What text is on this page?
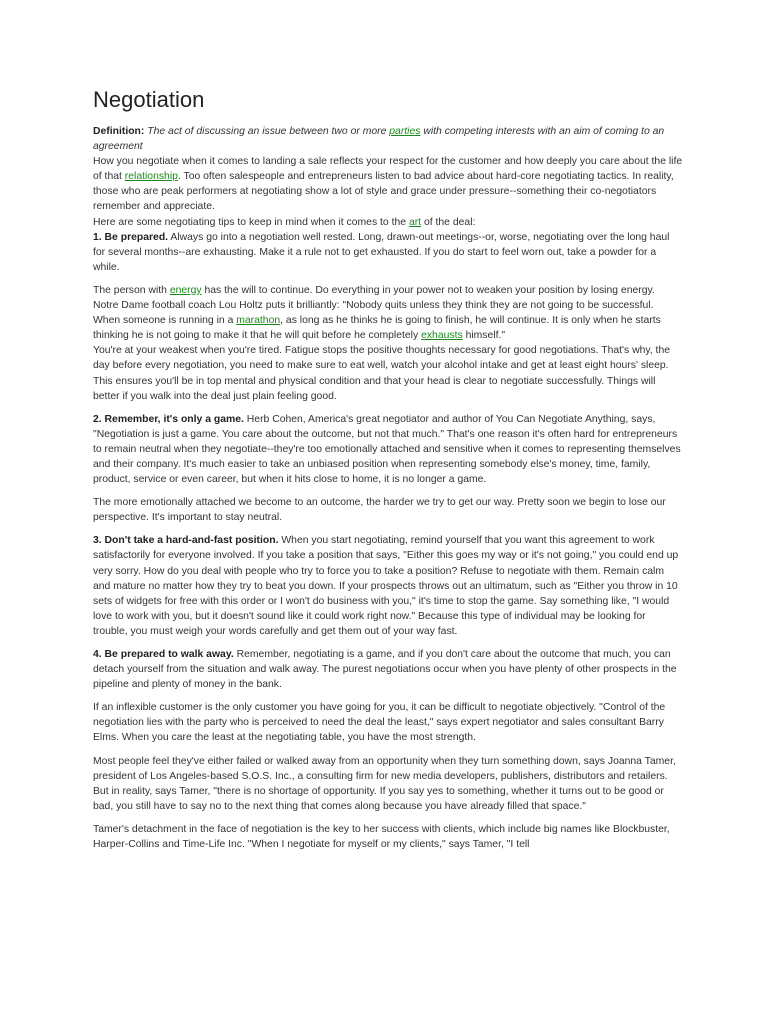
Negotiation

Definition: The act of discussing an issue between two or more parties with competing interests with an aim of coming to an agreement

How you negotiate when it comes to landing a sale reflects your respect for the customer and how deeply you care about the life of that relationship. Too often salespeople and entrepreneurs listen to bad advice about hard-core negotiating tactics. In reality, those who are peak performers at negotiating show a lot of style and grace under pressure--something their co-negotiators remember and appreciate.

Here are some negotiating tips to keep in mind when it comes to the art of the deal:

1. Be prepared. Always go into a negotiation well rested. Long, drawn-out meetings--or, worse, negotiating over the long haul for several months--are exhausting. Make it a rule not to get exhausted. If you do start to feel worn out, take a powder for a while.

The person with energy has the will to continue. Do everything in your power not to weaken your position by losing energy. Notre Dame football coach Lou Holtz puts it brilliantly: "Nobody quits unless they think they are not going to be successful. When someone is running in a marathon, as long as he thinks he is going to finish, he will continue. It is only when he starts thinking he is not going to make it that he will quit before he completely exhausts himself."

You're at your weakest when you're tired. Fatigue stops the positive thoughts necessary for good negotiations. That's why, the day before every negotiation, you need to make sure to eat well, watch your alcohol intake and get at least eight hours' sleep. This ensures you'll be in top mental and physical condition and that your head is clear to negotiate successfully. Things will better if you walk into the deal just plain feeling good.

2. Remember, it's only a game. Herb Cohen, America's great negotiator and author of You Can Negotiate Anything, says, "Negotiation is just a game. You care about the outcome, but not that much." That's one reason it's often hard for entrepreneurs to remain neutral when they negotiate--they're too emotionally attached and sensitive when it comes to representing themselves and their company. It's much easier to take an unbiased position when representing somebody else's money, time, family, product, service or even career, but when it hits close to home, it is no longer a game.

The more emotionally attached we become to an outcome, the harder we try to get our way. Pretty soon we begin to lose our perspective. It's important to stay neutral.

3. Don't take a hard-and-fast position. When you start negotiating, remind yourself that you want this agreement to work satisfactorily for everyone involved. If you take a position that says, "Either this goes my way or it's not going," you could end up very sorry. How do you deal with people who try to force you to take a position? Refuse to negotiate with them. Remain calm and mature no matter how they try to beat you down. If your prospects throws out an ultimatum, such as "Either you throw in 10 sets of widgets for free with this order or I won't do business with you," it's time to stop the game. Say something like, "I would love to work with you, but it doesn't sound like it could work right now." Because this type of individual may be looking for trouble, you must weigh your words carefully and get them out of your way fast.

4. Be prepared to walk away. Remember, negotiating is a game, and if you don't care about the outcome that much, you can detach yourself from the situation and walk away. The purest negotiations occur when you have plenty of other prospects in the pipeline and plenty of money in the bank.

If an inflexible customer is the only customer you have going for you, it can be difficult to negotiate objectively. "Control of the negotiation lies with the party who is perceived to need the deal the least," says expert negotiator and sales consultant Barry Elms. When you care the least at the negotiating table, you have the most strength.

Most people feel they've either failed or walked away from an opportunity when they turn something down, says Joanna Tamer, president of Los Angeles-based S.O.S. Inc., a consulting firm for new media developers, publishers, distributors and retailers. But in reality, says Tamer, "there is no shortage of opportunity. If you say yes to something, whether it turns out to be good or bad, you still have to say no to the next thing that comes along because you have already filled that space."

Tamer's detachment in the face of negotiation is the key to her success with clients, which include big names like Blockbuster, Harper-Collins and Time-Life Inc. "When I negotiate for myself or my clients," says Tamer, "I tell
